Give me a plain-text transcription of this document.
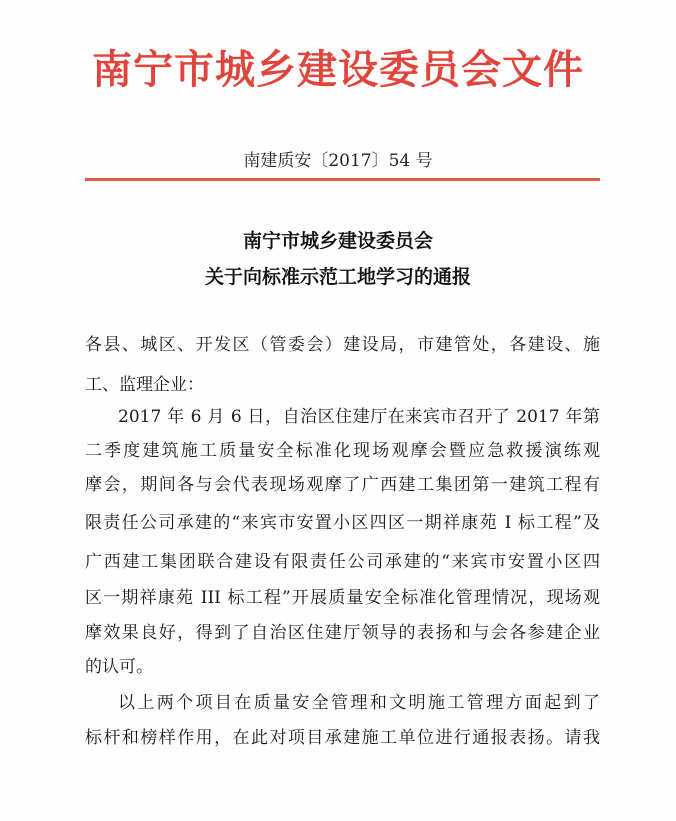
南宁市城乡建设委员会文件
南建质安〔2017〕54 号
南宁市城乡建设委员会
关于向标准示范工地学习的通报
各县、城区、开发区（管委会）建设局，市建管处，各建设、施
工、监理企业：
2017 年 6 月 6 日，自治区住建厅在来宾市召开了 2017 年第
二季度建筑施工质量安全标准化现场观摩会暨应急救援演练观
摩会，期间各与会代表现场观摩了广西建工集团第一建筑工程有
限责任公司承建的“来宾市安置小区四区一期祥康苑 I 标工程”及
广西建工集团联合建设有限责任公司承建的“来宾市安置小区四
区一期祥康苑 III 标工程”开展质量安全标准化管理情况，现场观
摩效果良好，得到了自治区住建厅领导的表扬和与会各参建企业
的认可。
以上两个项目在质量安全管理和文明施工管理方面起到了
标杆和榜样作用，在此对项目承建施工单位进行通报表扬。请我
